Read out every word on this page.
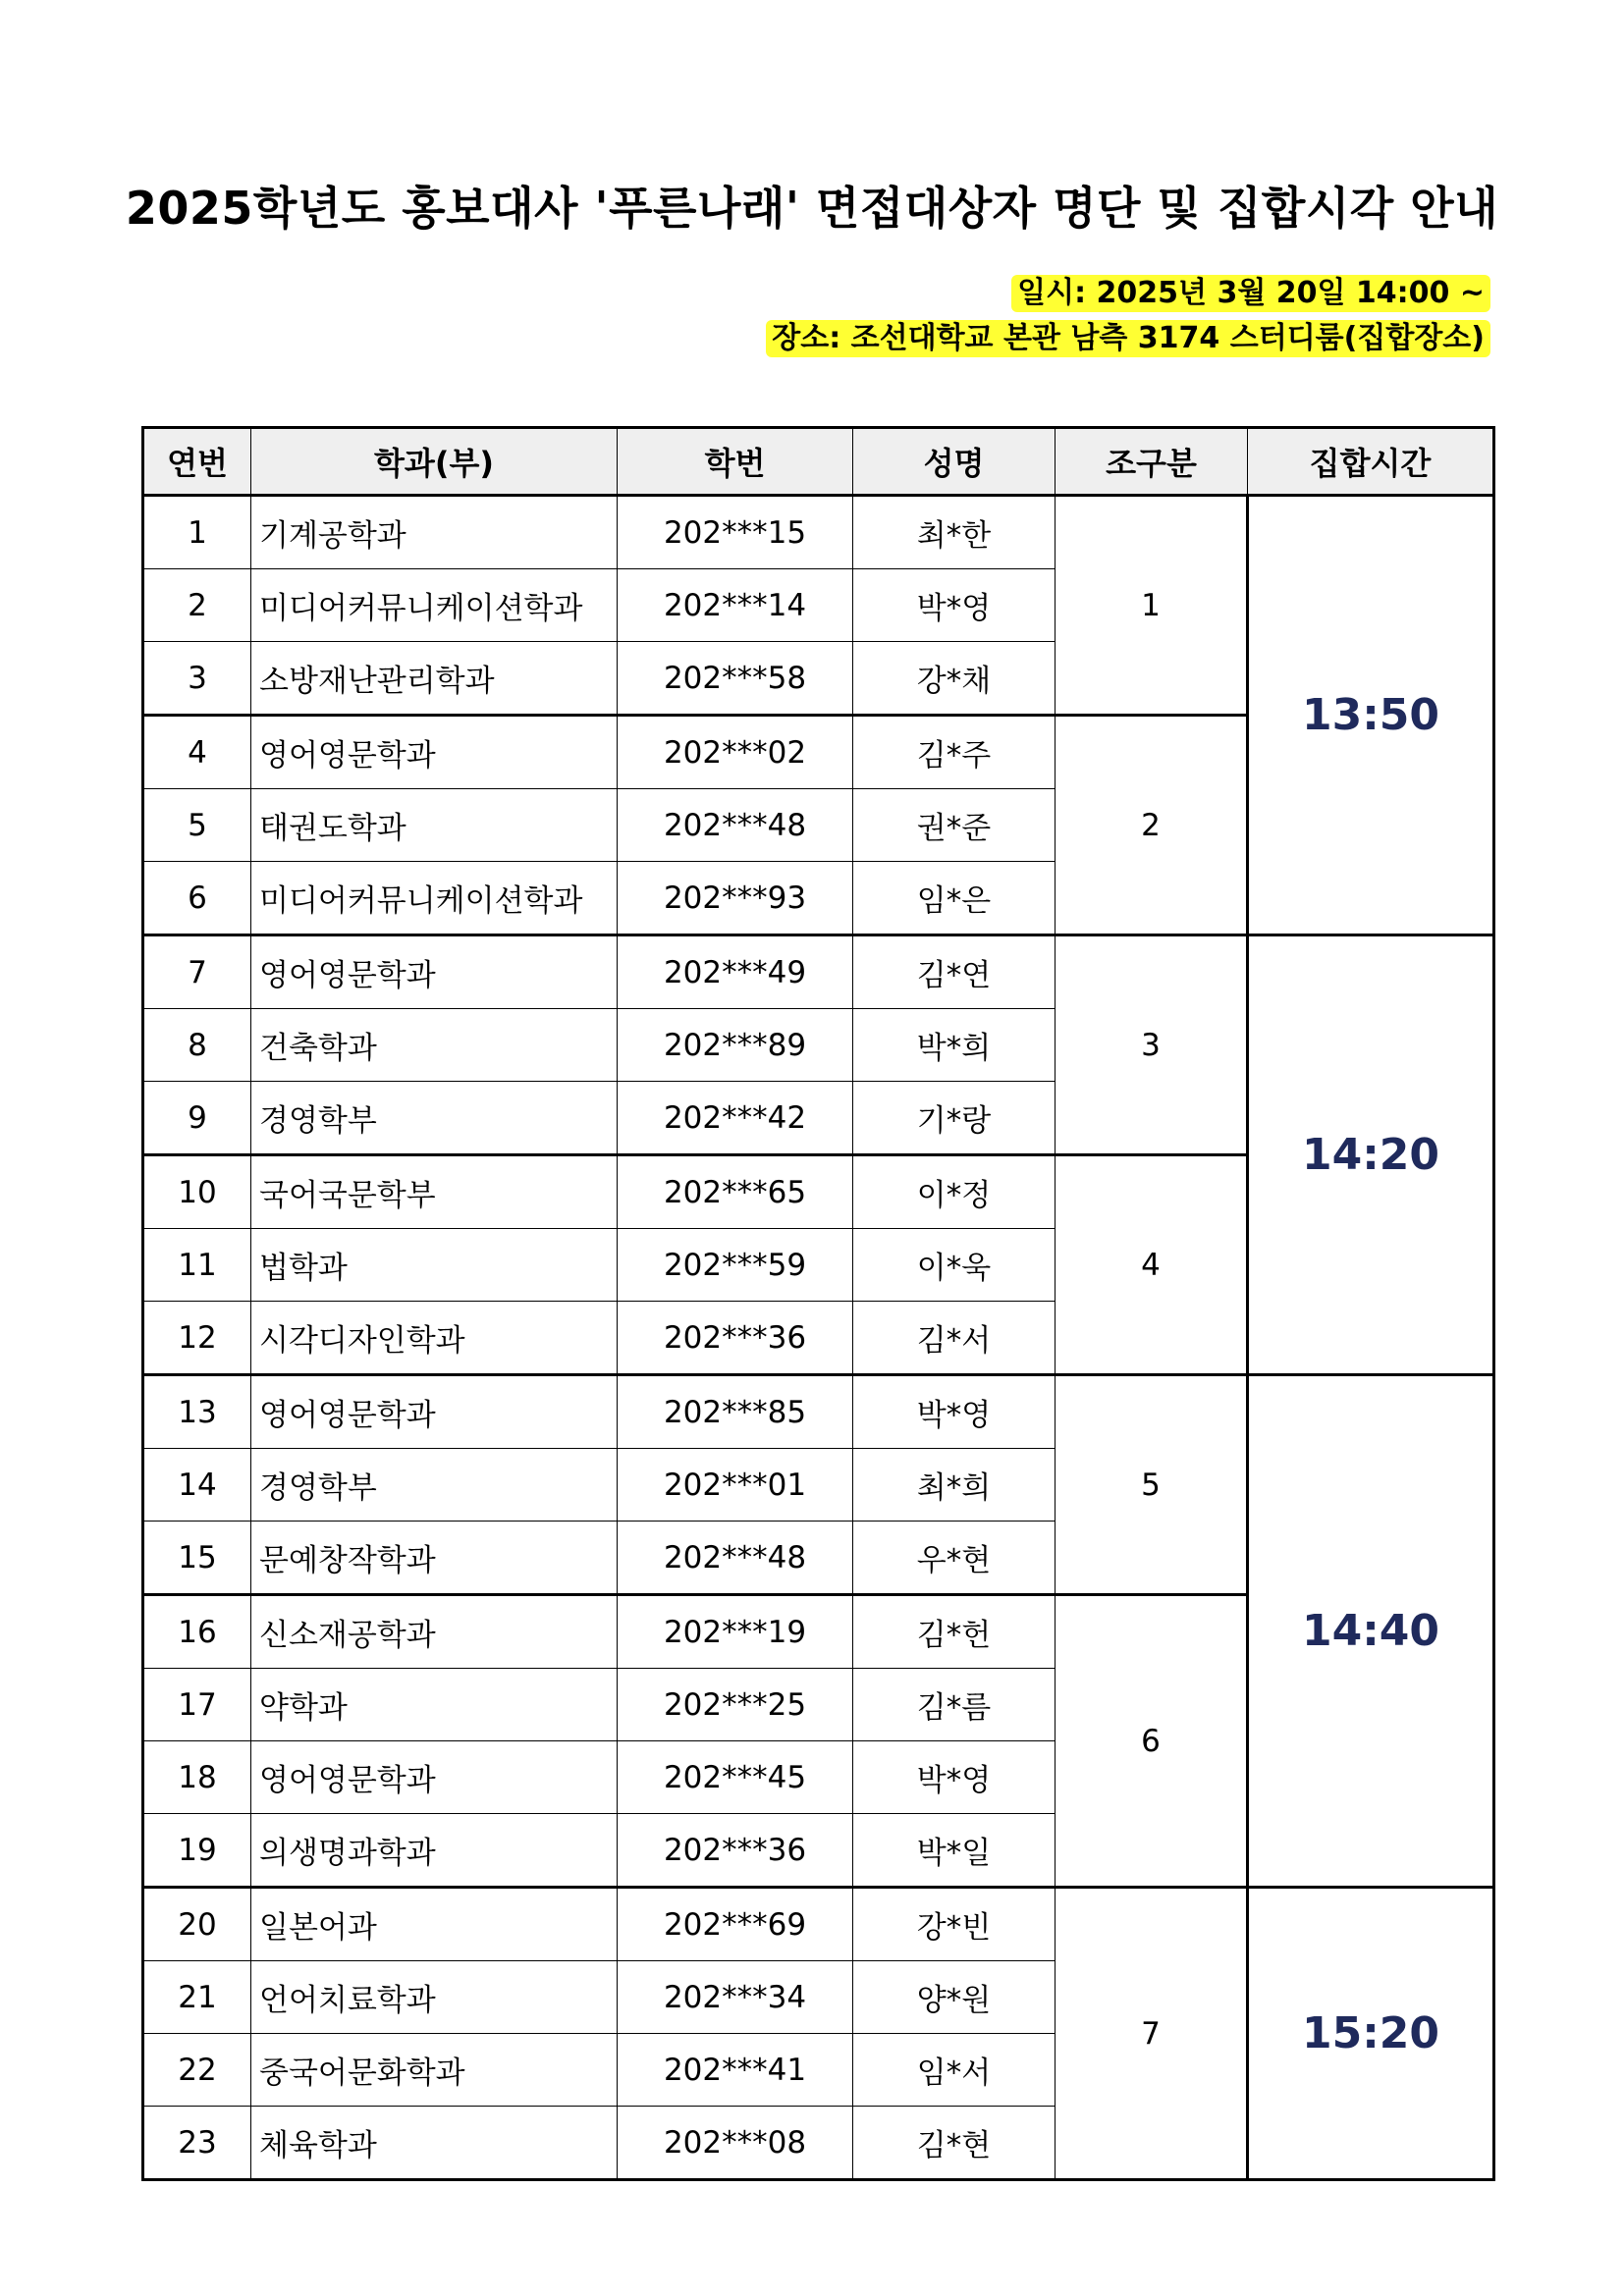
2025학년도 홍보대사 '푸른나래' 면접대상자 명단 및 집합시각 안내
일시: 2025년 3월 20일 14:00 ~
장소: 조선대학교 본관 남측 3174 스터디룸(집합장소)
연번	학과(부)	학번	성명	조구분	집합시간
1	기계공학과	202***15	최*한	1	13:50
2	미디어커뮤니케이션학과	202***14	박*영		
3	소방재난관리학과	202***58	강*채		
4	영어영문학과	202***02	김*주	2	
5	태권도학과	202***48	권*준		
6	미디어커뮤니케이션학과	202***93	임*은		
7	영어영문학과	202***49	김*연	3	14:20
8	건축학과	202***89	박*희		
9	경영학부	202***42	기*랑		
10	국어국문학부	202***65	이*정	4	
11	법학과	202***59	이*욱		
12	시각디자인학과	202***36	김*서		
13	영어영문학과	202***85	박*영	5	14:40
14	경영학부	202***01	최*희		
15	문예창작학과	202***48	우*현		
16	신소재공학과	202***19	김*헌	6	
17	약학과	202***25	김*름		
18	영어영문학과	202***45	박*영		
19	의생명과학과	202***36	박*일		
20	일본어과	202***69	강*빈	7	15:20
21	언어치료학과	202***34	양*원		
22	중국어문화학과	202***41	임*서		
23	체육학과	202***08	김*현		
